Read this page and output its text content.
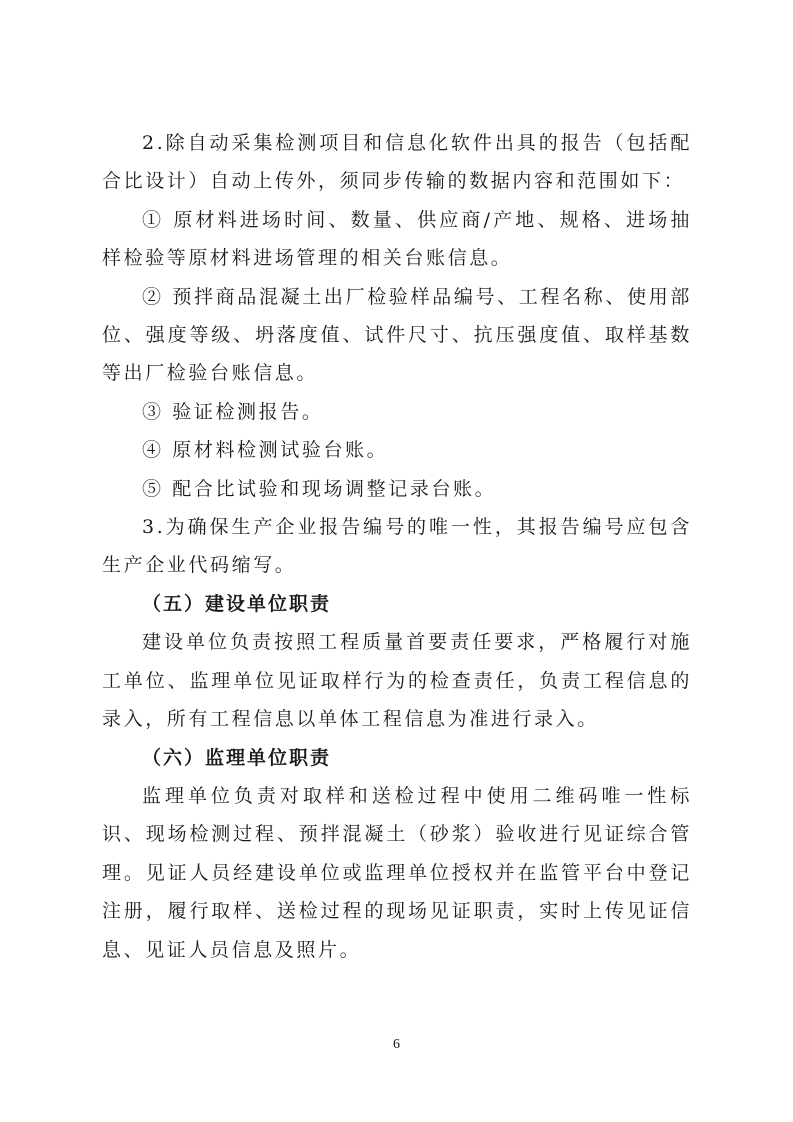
2.除自动采集检测项目和信息化软件出具的报告（包括配合比设计）自动上传外，须同步传输的数据内容和范围如下：

① 原材料进场时间、数量、供应商/产地、规格、进场抽样检验等原材料进场管理的相关台账信息。

② 预拌商品混凝土出厂检验样品编号、工程名称、使用部位、强度等级、坍落度值、试件尺寸、抗压强度值、取样基数等出厂检验台账信息。

③ 验证检测报告。

④ 原材料检测试验台账。

⑤ 配合比试验和现场调整记录台账。

3.为确保生产企业报告编号的唯一性，其报告编号应包含生产企业代码缩写。

（五）建设单位职责

建设单位负责按照工程质量首要责任要求，严格履行对施工单位、监理单位见证取样行为的检查责任，负责工程信息的录入，所有工程信息以单体工程信息为准进行录入。

（六）监理单位职责

监理单位负责对取样和送检过程中使用二维码唯一性标识、现场检测过程、预拌混凝土（砂浆）验收进行见证综合管理。见证人员经建设单位或监理单位授权并在监管平台中登记注册，履行取样、送检过程的现场见证职责，实时上传见证信息、见证人员信息及照片。

6
